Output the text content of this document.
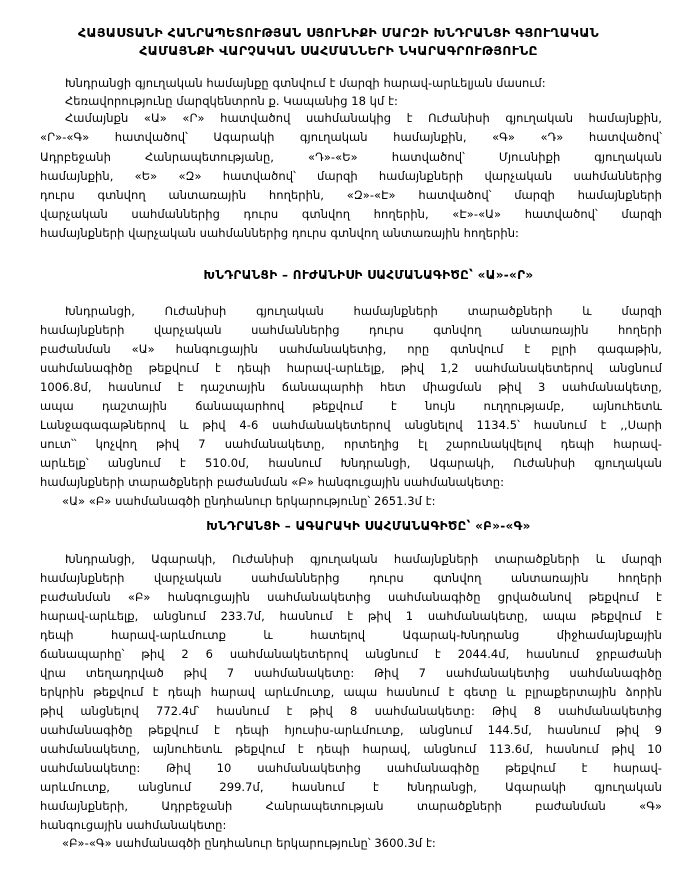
ՀԱՅԱՍՏԱՆԻ ՀԱՆՐԱՊԵՏՈՒԹՅԱՆ ՍՅՈՒՆԻՔԻ ՄԱՐԶԻ ԽՆԴՐԱՆՑԻ ԳՅՈՒՂԱԿԱՆ
ՀԱՄԱՅՆՔԻ ՎԱՐՉԱԿԱՆ ՍԱՀՄԱՆՆԵՐԻ ՆԿԱՐԱԳՐՈՒԹՅՈՒՆԸ
Խնդրանցի գյուղական համայնքը գտնվում է մարզի հարավ-արևելյան մասում:
Հեռավորությունը մարզկենտրոն ք. Կապանից 18 կմ է:
Համայնքն «Ա» «Ր» հատվածով սահմանակից է Ուժանիսի գյուղական համայնքին,
«Ր»-«Գ» հատվածով՝ Ագարակի գյուղական համայնքին, «Գ» «Դ» հատվածով՝
Ադրբեջանի Հանրապետությանը, «Դ»-«Ե» հատվածով՝ Մյուսնիքի գյուղական
համայնքին, «Ե» «Զ» հատվածով՝ մարզի համայնքների վարչական սահմաններից
դուրս գտնվող անտառային հողերին, «Զ»-«Է» հատվածով՝ մարզի համայնքների
վարչական սահմաններից դուրս գտնվող հողերին, «Է»-«Ա» հատվածով՝ մարզի
համայնքների վարչական սահմաններից դուրս գտնվող անտառային հողերին:
ԽՆԴՐԱՆՑԻ – ՈՒԺԱՆԻՍԻ ՍԱՀՄԱՆԱԳԻԾԸ՝ «Ա»-«Ր»
Խնդրանցի, Ուժանիսի գյուղական համայնքների տարածքների և մարզի
համայնքների վարչական սահմաններից դուրս գտնվող անտառային հողերի
բաժանման «Ա» հանգուցային սահմանակետից, որը գտնվում է բլրի գագաթին,
սահմանագիծը թեքվում է դեպի հարավ-արևելք, թիվ 1,2 սահմանակետերով անցնում
1006.8մ, հասնում է դաշտային ճանապարհի հետ միացման թիվ 3 սահմանակետը,
ապա դաշտային ճանապարհով թեքվում է նույն ուղղությամբ, այնուհետև
Լանջագագաթներով և թիվ 4-6 սահմանակետերով անցնելով 1134.5՝ հասնում է ,,Սարի
սուտ՝՝ կոչվող թիվ 7 սահմանակետը, որտեղից էլ շարունակվելով դեպի հարավ-
արևելք՝ անցնում է 510.0մ, հասնում Խնդրանցի, Ագարակի, Ուժանիսի գյուղական
համայնքների տարածքների բաժանման «Բ» հանգուցային սահմանակետը:
«Ա» «Բ» սահմանագծի ընդհանուր երկարությունը՝ 2651.3մ է:
ԽՆԴՐԱՆՑԻ – ԱԳԱՐԱԿԻ ՍԱՀՄԱՆԱԳԻԾԸ՝ «Բ»-«Գ»
Խնդրանցի, Ագարակի, Ուժանիսի գյուղական համայնքների տարածքների և մարզի
համայնքների վարչական սահմաններից դուրս գտնվող անտառային հողերի
բաժանման «Բ» հանգուցային սահմանակետից սահմանագիծը ցրվածանով թեքվում է
հարավ-արևելք, անցնում 233.7մ, հասնում է թիվ 1 սահմանակետը, ապա թեքվում է
դեպի հարավ-արևմուտք և հատելով Ագարակ-Խնդրանց միջհամայնքային
ճանապարհը՝ թիվ 2 6 սահմանակետերով անցնում է 2044.4մ, հասնում ջրբաժանի
վրա տեղադրված թիվ 7 սահմանակետը: Թիվ 7 սահմանակետից սահմանագիծը
երկրին թեքվում է դեպի հարավ արևմուտք, ապա հասնում է գետը և բլրաքերտային ձորին
թիվ անցնելով 772.4մ՝ հասնում է թիվ 8 սահմանակետը: Թիվ 8 սահմանակետից
սահմանագիծը թեքվում է դեպի հյուսիս-արևմուտք, անցնում 144.5մ, հասնում թիվ 9
սահմանակետը, այնուհետև թեքվում է դեպի հարավ, անցնում 113.6մ, հասնում թիվ 10
սահմանակետը: Թիվ 10 սահմանակետից սահմանագիծը թեքվում է հարավ-
արևմուտք, անցնում 299.7մ, հասնում է Խնդրանցի, Ագարակի գյուղական
համայնքների, Ադրբեջանի Հանրապետության տարածքների բաժանման «Գ»
հանգուցային սահմանակետը:
«Բ»-«Գ» սահմանագծի ընդհանուր երկարությունը՝ 3600.3մ է:
